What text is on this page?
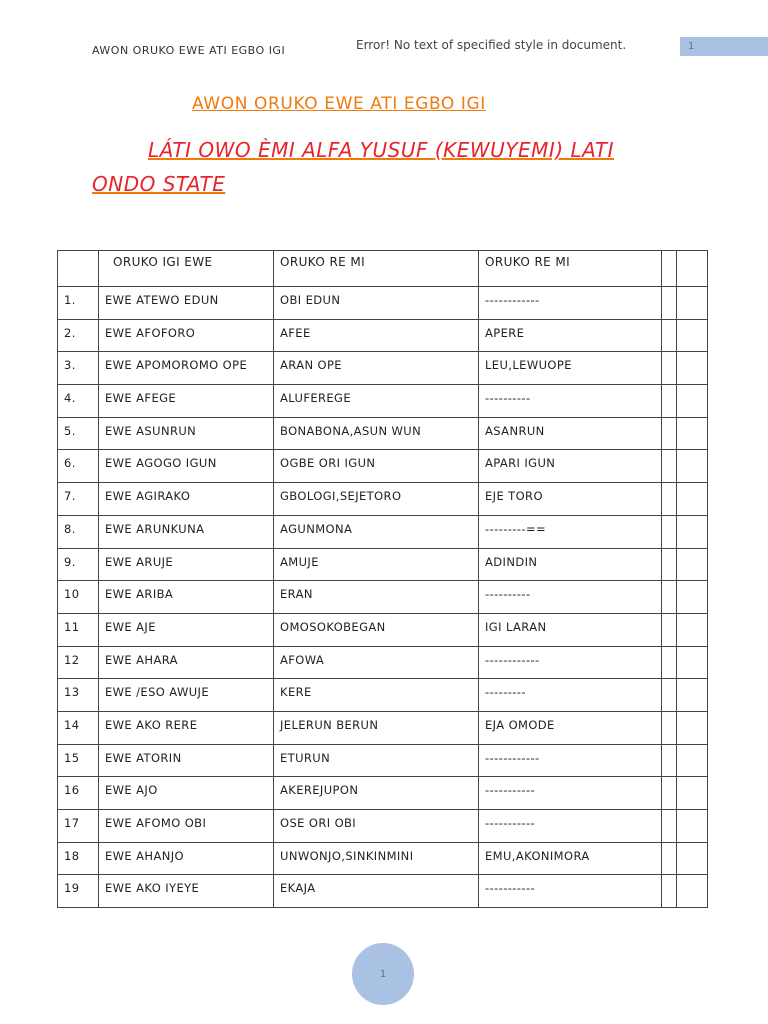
AWON ORUKO EWE ATI EGBO IGI	Error! No text of specified style in document.	1
AWON ORUKO EWE ATI EGBO IGI
LÁTI OWO ÈMI ALFA YUSUF (KEWUYEMI) LATI
ONDO STATE
	ORUKO IGI EWE	ORUKO RE MI	ORUKO RE MI		
1.	EWE ATEWO EDUN	OBI EDUN	------------		
2.	EWE AFOFORO	AFEE	APERE		
3.	EWE APOMOROMO OPE	ARAN OPE	LEU,LEWUOPE		
4.	EWE AFEGE	ALUFEREGE	----------		
5.	EWE ASUNRUN	BONABONA,ASUN WUN	ASANRUN		
6.	EWE AGOGO IGUN	OGBE ORI IGUN	APARI IGUN		
7.	EWE AGIRAKO	GBOLOGI,SEJETORO	EJE TORO		
8.	EWE ARUNKUNA	AGUNMONA	---------==		
9.	EWE ARUJE	AMUJE	ADINDIN		
10	EWE ARIBA	ERAN	----------		
11	EWE AJE	OMOSOKOBEGAN	IGI LARAN		
12	EWE AHARA	AFOWA	------------		
13	EWE /ESO AWUJE	KERE	---------		
14	EWE AKO RERE	JELERUN BERUN	EJA OMODE		
15	EWE ATORIN	ETURUN	------------		
16	EWE AJO	AKEREJUPON	-----------		
17	EWE AFOMO OBI	OSE ORI OBI	-----------		
18	EWE AHANJO	UNWONJO,SINKINMINI	EMU,AKONIMORA		
19	EWE AKO IYEYE	EKAJA	-----------		
1
